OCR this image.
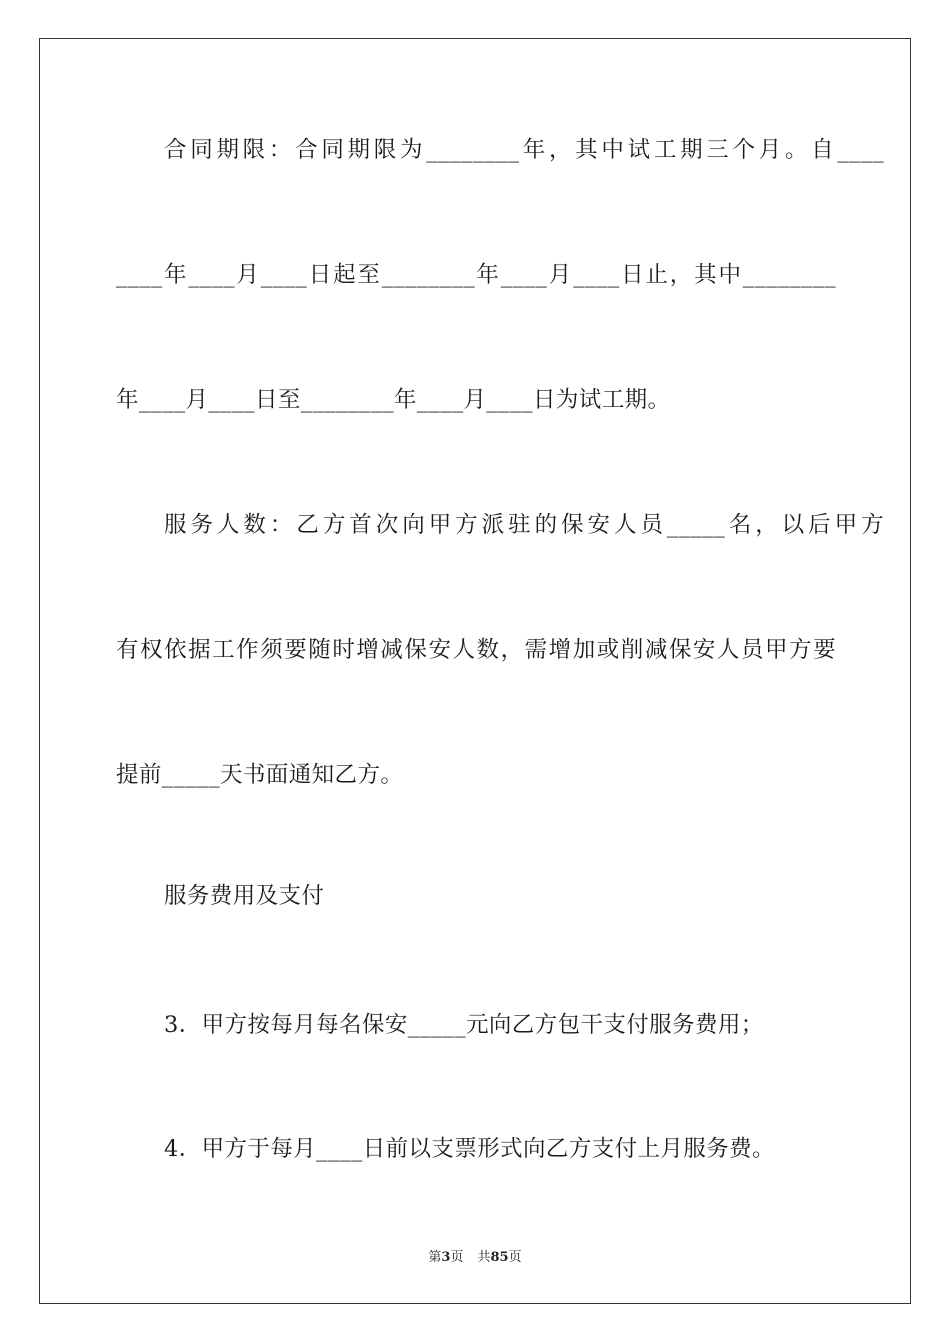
合同期限：合同期限为________年，其中试工期三个月。自____
____年____月____日起至________年____月____日止，其中________
年____月____日至________年____月____日为试工期。
服务人数：乙方首次向甲方派驻的保安人员_____名，以后甲方
有权依据工作须要随时增减保安人数，需增加或削减保安人员甲方要
提前_____天书面通知乙方。
服务费用及支付
3．甲方按每月每名保安_____元向乙方包干支付服务费用；
4．甲方于每月____日前以支票形式向乙方支付上月服务费。
第3页 共85页
